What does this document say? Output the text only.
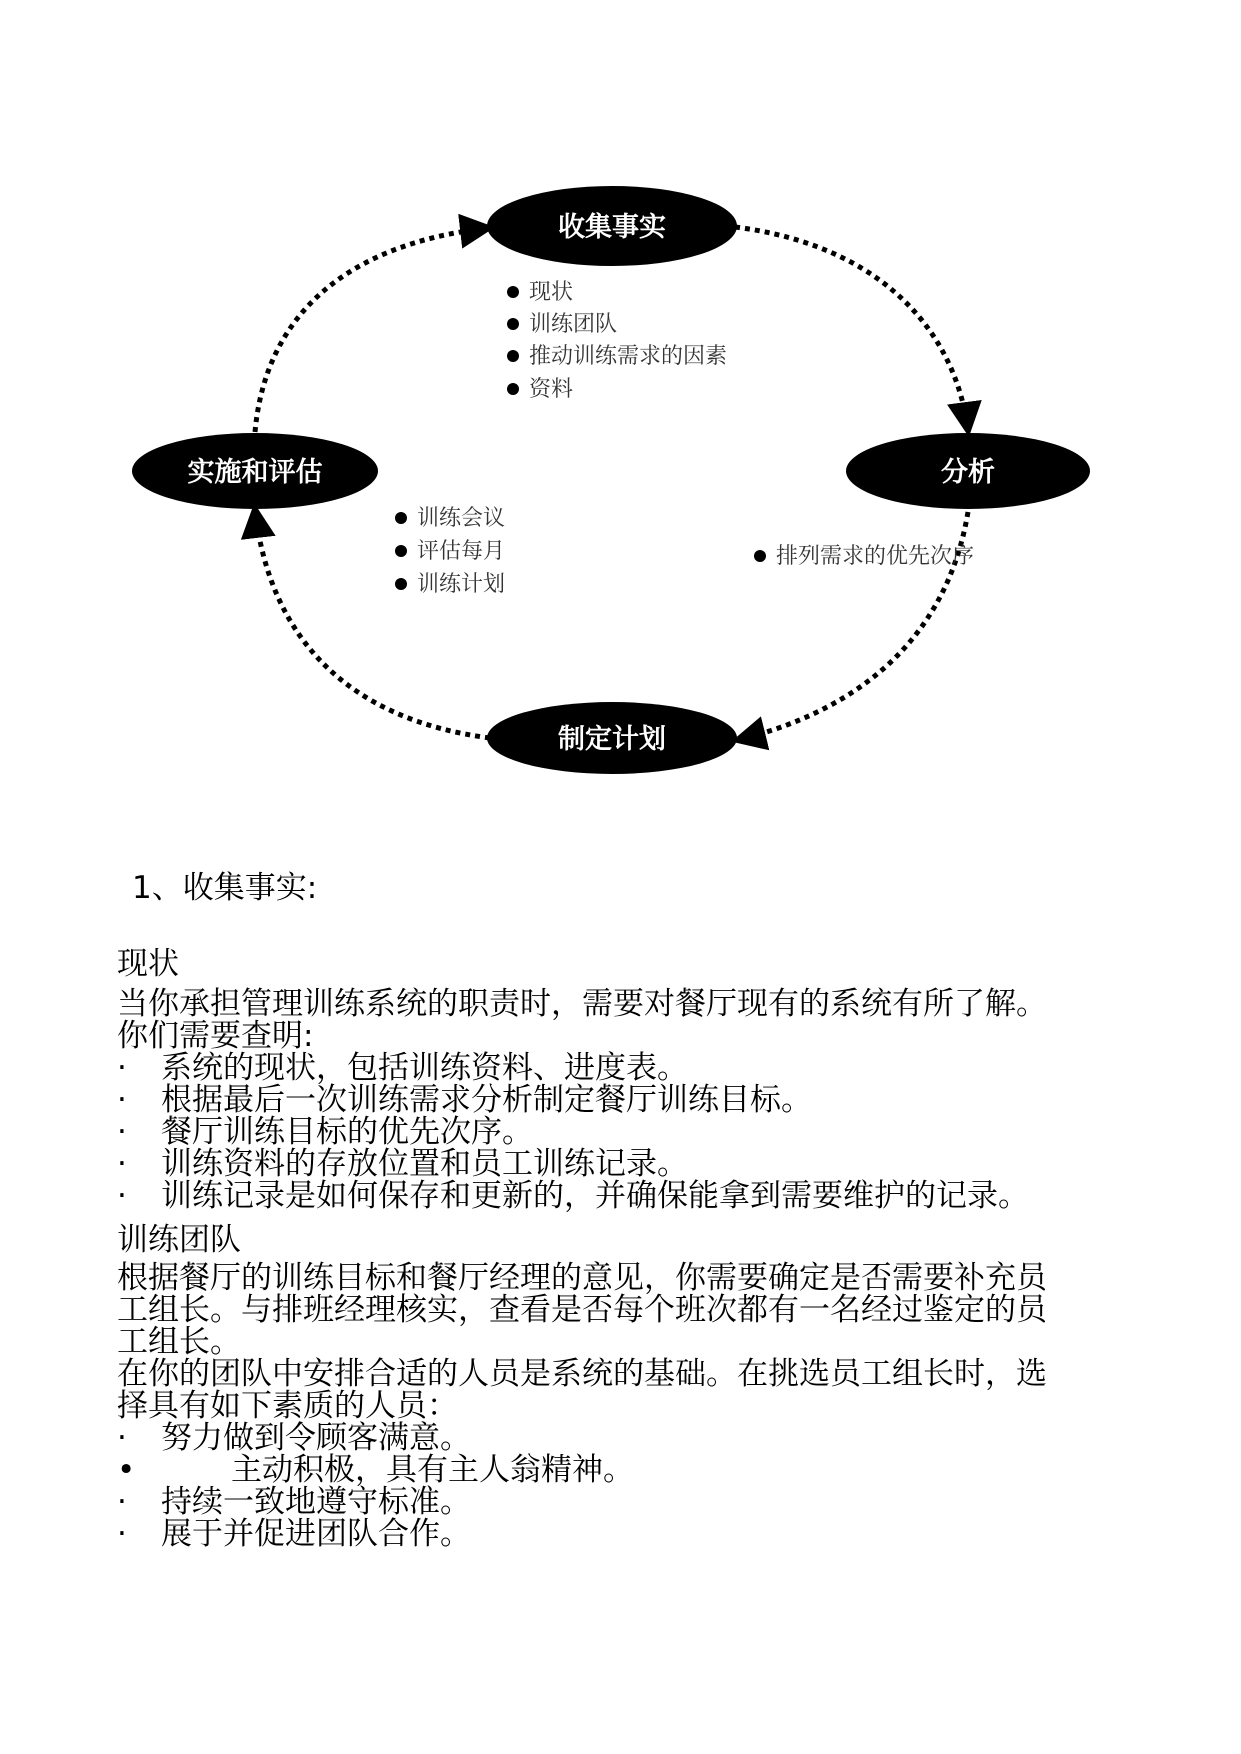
收集事实
分析
制定计划
实施和评估
现状
训练团队
推动训练需求的因素
资料
排列需求的优先次序
训练会议
评估每月
训练计划
1、收集事实:
现状
当你承担管理训练系统的职责时，需要对餐厅现有的系统有所了解。
你们需要查明:
· 系统的现状，包括训练资料、进度表。
· 根据最后一次训练需求分析制定餐厅训练目标。
· 餐厅训练目标的优先次序。
· 训练资料的存放位置和员工训练记录。
· 训练记录是如何保存和更新的，并确保能拿到需要维护的记录。
训练团队
根据餐厅的训练目标和餐厅经理的意见，你需要确定是否需要补充员
工组长。与排班经理核实，查看是否每个班次都有一名经过鉴定的员
工组长。
在你的团队中安排合适的人员是系统的基础。在挑选员工组长时，选
择具有如下素质的人员：
· 努力做到令顾客满意。
•	主动积极，具有主人翁精神。
· 持续一致地遵守标准。
· 展于并促进团队合作。
